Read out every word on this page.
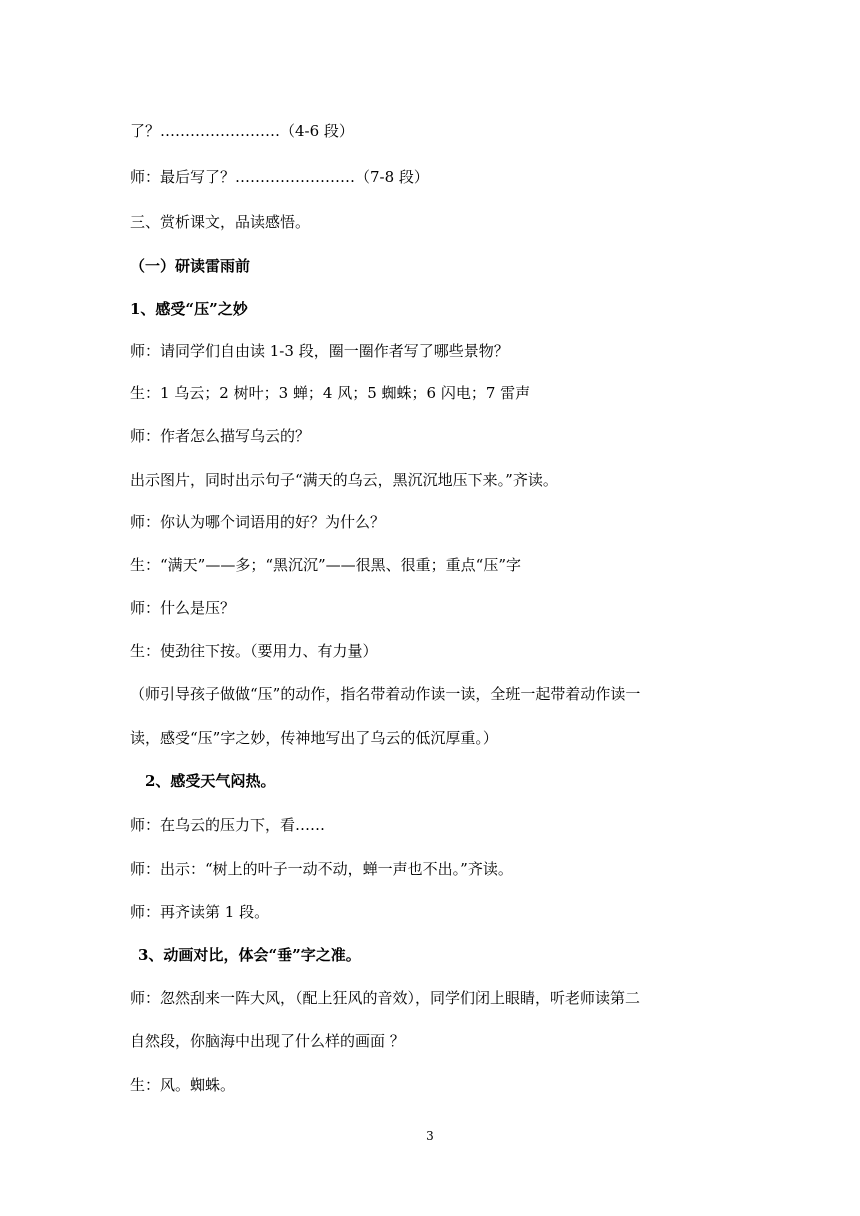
了？……………………（4-6 段）
师：最后写了？……………………（7-8 段）
三、赏析课文，品读感悟。
（一）研读雷雨前
1、感受“压”之妙
师：请同学们自由读 1-3 段，圈一圈作者写了哪些景物？
生：1 乌云；2 树叶；3 蝉；4 风；5 蜘蛛；6 闪电；7 雷声
师：作者怎么描写乌云的？
出示图片，同时出示句子“满天的乌云，黑沉沉地压下来。”齐读。
师：你认为哪个词语用的好？为什么？
生：“满天”——多；“黑沉沉”——很黑、很重；重点“压”字
师：什么是压？
生：使劲往下按。（要用力、有力量）
（师引导孩子做做“压”的动作，指名带着动作读一读，全班一起带着动作读一
读，感受“压”字之妙，传神地写出了乌云的低沉厚重。）
2、感受天气闷热。
师：在乌云的压力下，看……
师：出示：“树上的叶子一动不动，蝉一声也不出。”齐读。
师：再齐读第 1 段。
3、动画对比，体会“垂”字之准。
师：忽然刮来一阵大风，（配上狂风的音效），同学们闭上眼睛，听老师读第二
自然段，你脑海中出现了什么样的画面 ？
生：风。蜘蛛。
3
